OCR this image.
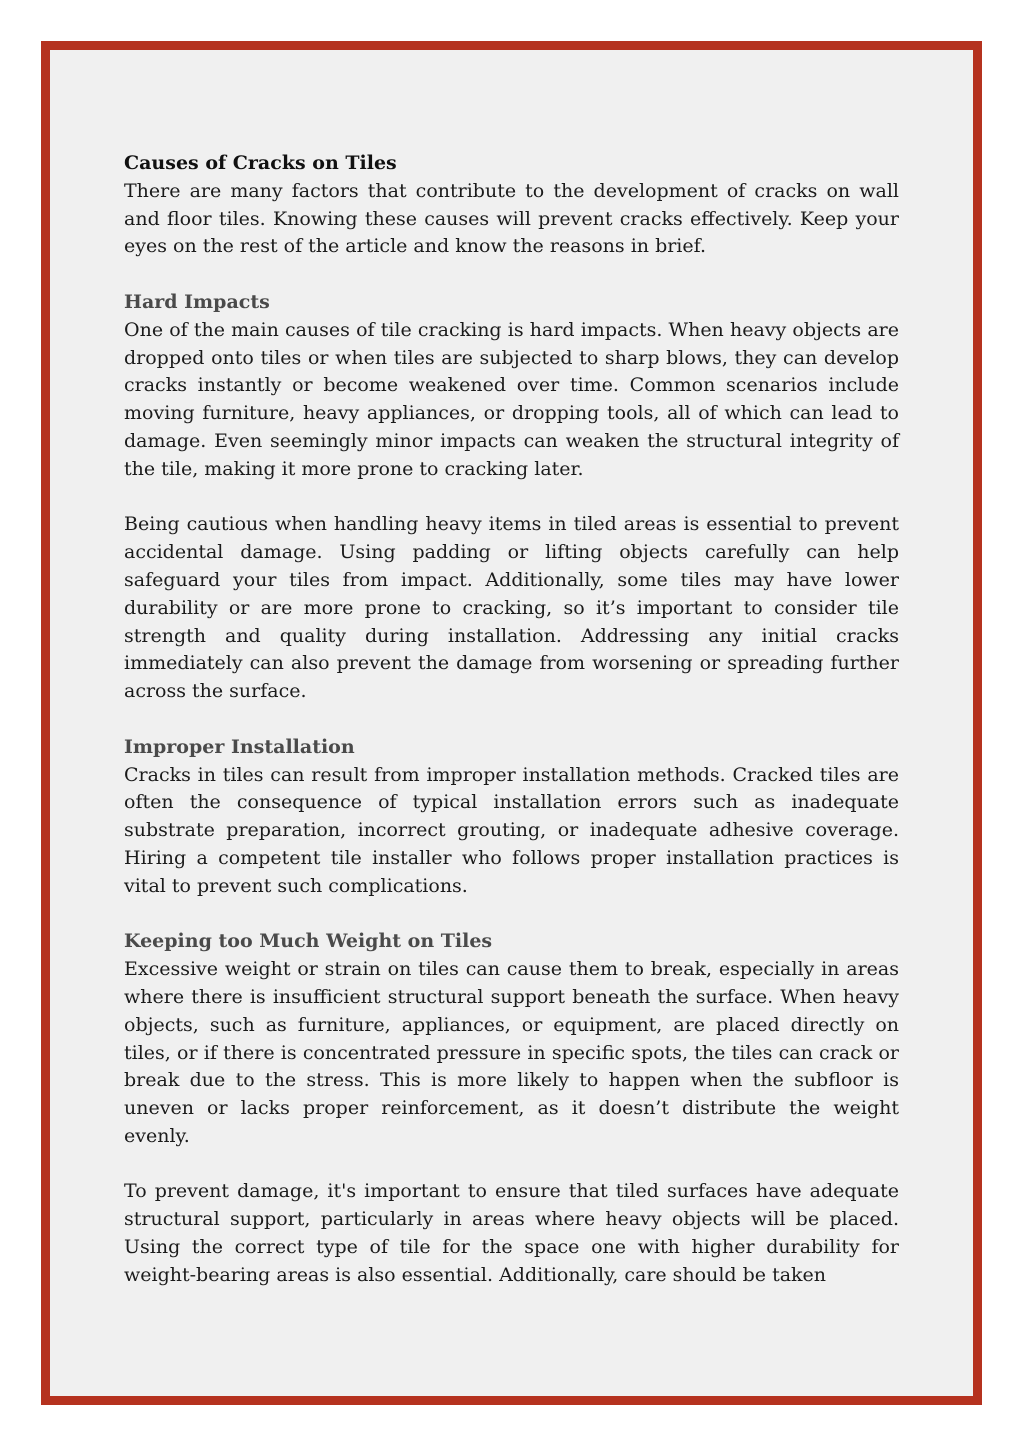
Causes of Cracks on Tiles

There are many factors that contribute to the development of cracks on wall and floor tiles. Knowing these causes will prevent cracks effectively. Keep your eyes on the rest of the article and know the reasons in brief.

Hard Impacts

One of the main causes of tile cracking is hard impacts. When heavy objects are dropped onto tiles or when tiles are subjected to sharp blows, they can develop cracks instantly or become weakened over time. Common scenarios include moving furniture, heavy appliances, or dropping tools, all of which can lead to damage. Even seemingly minor impacts can weaken the structural integrity of the tile, making it more prone to cracking later.

Being cautious when handling heavy items in tiled areas is essential to prevent accidental damage. Using padding or lifting objects carefully can help safeguard your tiles from impact. Additionally, some tiles may have lower durability or are more prone to cracking, so it’s important to consider tile strength and quality during installation. Addressing any initial cracks immediately can also prevent the damage from worsening or spreading further across the surface.

Improper Installation

Cracks in tiles can result from improper installation methods. Cracked tiles are often the consequence of typical installation errors such as inadequate substrate preparation, incorrect grouting, or inadequate adhesive coverage. Hiring a competent tile installer who follows proper installation practices is vital to prevent such complications.

Keeping too Much Weight on Tiles

Excessive weight or strain on tiles can cause them to break, especially in areas where there is insufficient structural support beneath the surface. When heavy objects, such as furniture, appliances, or equipment, are placed directly on tiles, or if there is concentrated pressure in specific spots, the tiles can crack or break due to the stress. This is more likely to happen when the subfloor is uneven or lacks proper reinforcement, as it doesn’t distribute the weight evenly.

To prevent damage, it's important to ensure that tiled surfaces have adequate structural support, particularly in areas where heavy objects will be placed. Using the correct type of tile for the space one with higher durability for weight-bearing areas is also essential. Additionally, care should be taken
